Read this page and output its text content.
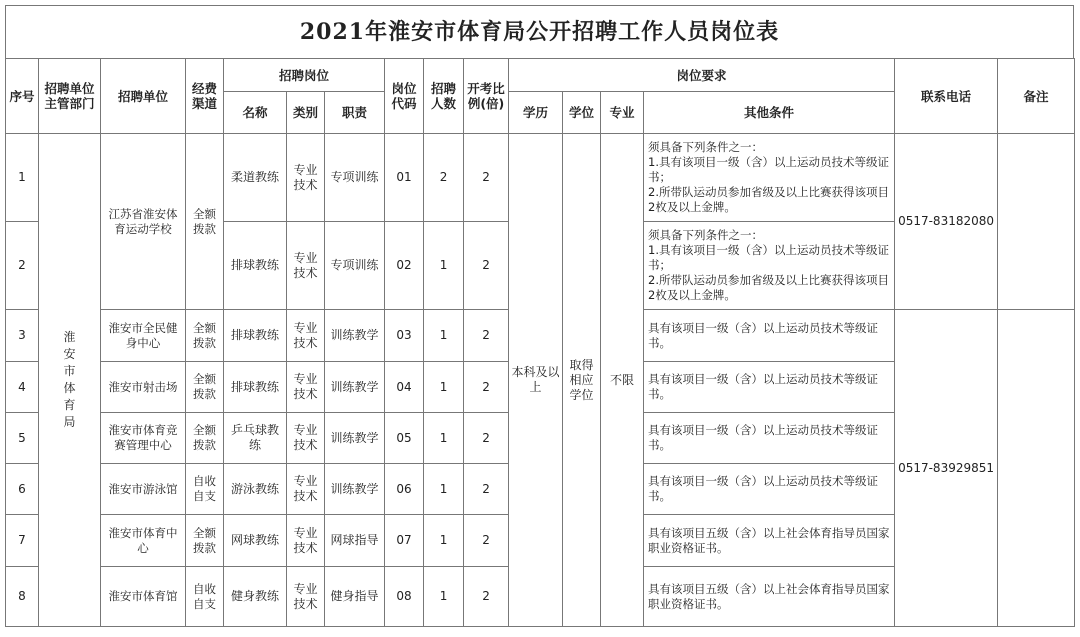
2021年淮安市体育局公开招聘工作人员岗位表
序号	招聘单位主管部门	招聘单位	经费渠道	招聘岗位			岗位代码	招聘人数	开考比例(倍)	岗位要求				联系电话	备注
				名称	类别	职责				学历	学位	专业	其他条件		
1	淮安市体育局	江苏省淮安体育运动学校	全额拨款	柔道教练	专业技术	专项训练	01	2	2	本科及以上	取得相应学位	不限	须具备下列条件之一：
1.具有该项目一级（含）以上运动员技术等级证书；
2.所带队运动员参加省级及以上比赛获得该项目2枚及以上金牌。	0517-83182080	
2				排球教练	专业技术	专项训练	02	1	2				须具备下列条件之一：
1.具有该项目一级（含）以上运动员技术等级证书；
2.所带队运动员参加省级及以上比赛获得该项目2枚及以上金牌。		
3		淮安市全民健身中心	全额拨款	排球教练	专业技术	训练教学	03	1	2				具有该项目一级（含）以上运动员技术等级证书。	0517-83929851	
4		淮安市射击场	全额拨款	排球教练	专业技术	训练教学	04	1	2				具有该项目一级（含）以上运动员技术等级证书。		
5		淮安市体育竞赛管理中心	全额拨款	乒乓球教练	专业技术	训练教学	05	1	2				具有该项目一级（含）以上运动员技术等级证书。		
6		淮安市游泳馆	自收自支	游泳教练	专业技术	训练教学	06	1	2				具有该项目一级（含）以上运动员技术等级证书。		
7		淮安市体育中心	全额拨款	网球教练	专业技术	网球指导	07	1	2				具有该项目五级（含）以上社会体育指导员国家职业资格证书。		
8		淮安市体育馆	自收自支	健身教练	专业技术	健身指导	08	1	2				具有该项目五级（含）以上社会体育指导员国家职业资格证书。		
